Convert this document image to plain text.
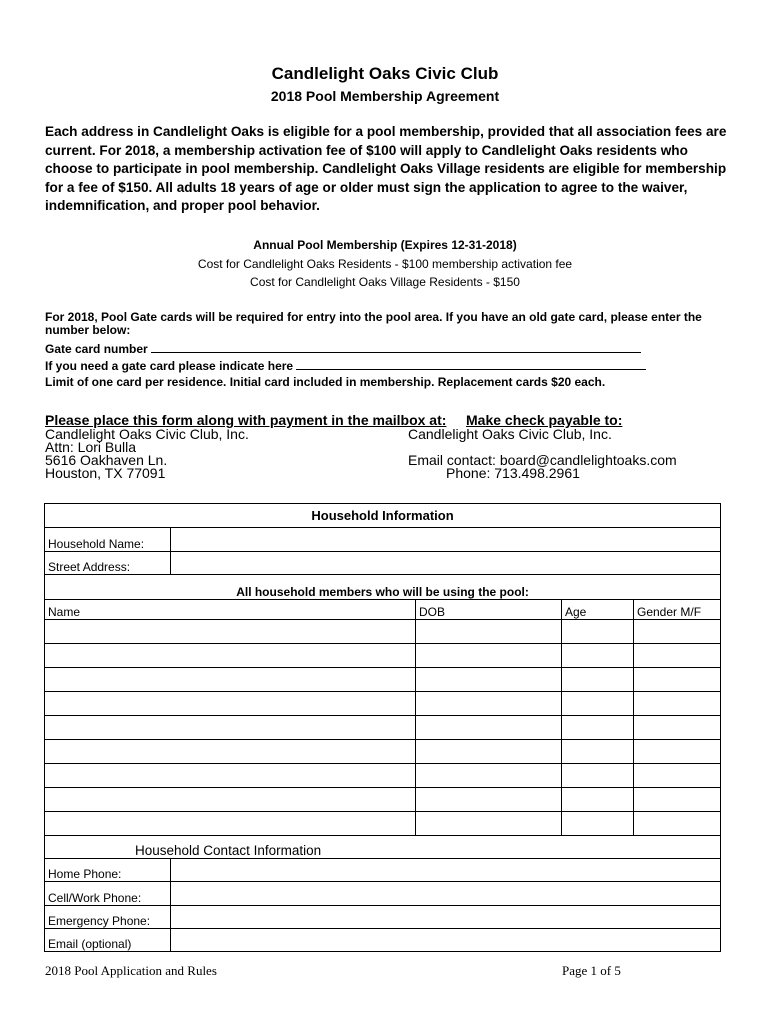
Candlelight Oaks Civic Club
2018 Pool Membership Agreement
Each address in Candlelight Oaks is eligible for a pool membership, provided that all association fees are current. For 2018, a membership activation fee of $100 will apply to Candlelight Oaks residents who choose to participate in pool membership. Candlelight Oaks Village residents are eligible for membership for a fee of $150. All adults 18 years of age or older must sign the application to agree to the waiver, indemnification, and proper pool behavior.
Annual Pool Membership (Expires 12-31-2018)
Cost for Candlelight Oaks Residents - $100 membership activation fee
Cost for Candlelight Oaks Village Residents - $150
For 2018, Pool Gate cards will be required for entry into the pool area. If you have an old gate card, please enter the number below:
Gate card number
If you need a gate card please indicate here
Limit of one card per residence. Initial card included in membership. Replacement cards $20 each.
Please place this form along with payment in the mailbox at: Make check payable to:
Candlelight Oaks Civic Club, Inc.
Attn: Lori Bulla
5616 Oakhaven Ln.
Houston, TX 77091
Candlelight Oaks Civic Club, Inc.
Email contact: board@candlelightoaks.com
Phone: 713.498.2961
Household Information				
Household Name:				
Street Address:				
All household members who will be using the pool:				
Name		DOB	Age	Gender M/F

Household Contact Information				
Home Phone:				
Cell/Work Phone:				
Emergency Phone:				
Email (optional)				
2018 Pool Application and Rules	Page 1 of 5
